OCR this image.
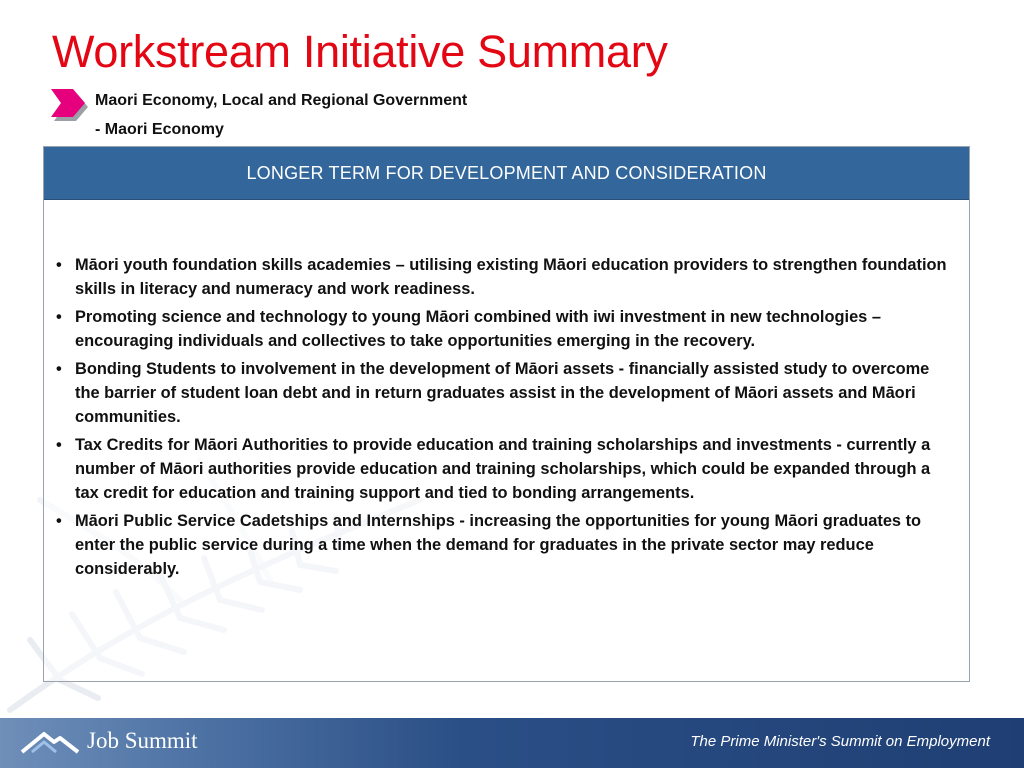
Workstream Initiative Summary
Maori Economy, Local and Regional Government
- Maori Economy
LONGER TERM FOR DEVELOPMENT AND CONSIDERATION
• Māori youth foundation skills academies – utilising existing Māori education providers to strengthen foundation skills in literacy and numeracy and work readiness.
• Promoting science and technology to young Māori combined with iwi investment in new technologies – encouraging individuals and collectives to take opportunities emerging in the recovery.
• Bonding Students to involvement in the development of Māori assets - financially assisted study to overcome the barrier of student loan debt and in return graduates assist in the development of Māori assets and Māori communities.
• Tax Credits for Māori Authorities to provide education and training scholarships and investments - currently a number of Māori authorities provide education and training scholarships, which could be expanded through a tax credit for education and training support and tied to bonding arrangements.
• Māori Public Service Cadetships and Internships - increasing the opportunities for young Māori graduates to enter the public service during a time when the demand for graduates in the private sector may reduce considerably.
Job Summit	The Prime Minister's Summit on Employment
